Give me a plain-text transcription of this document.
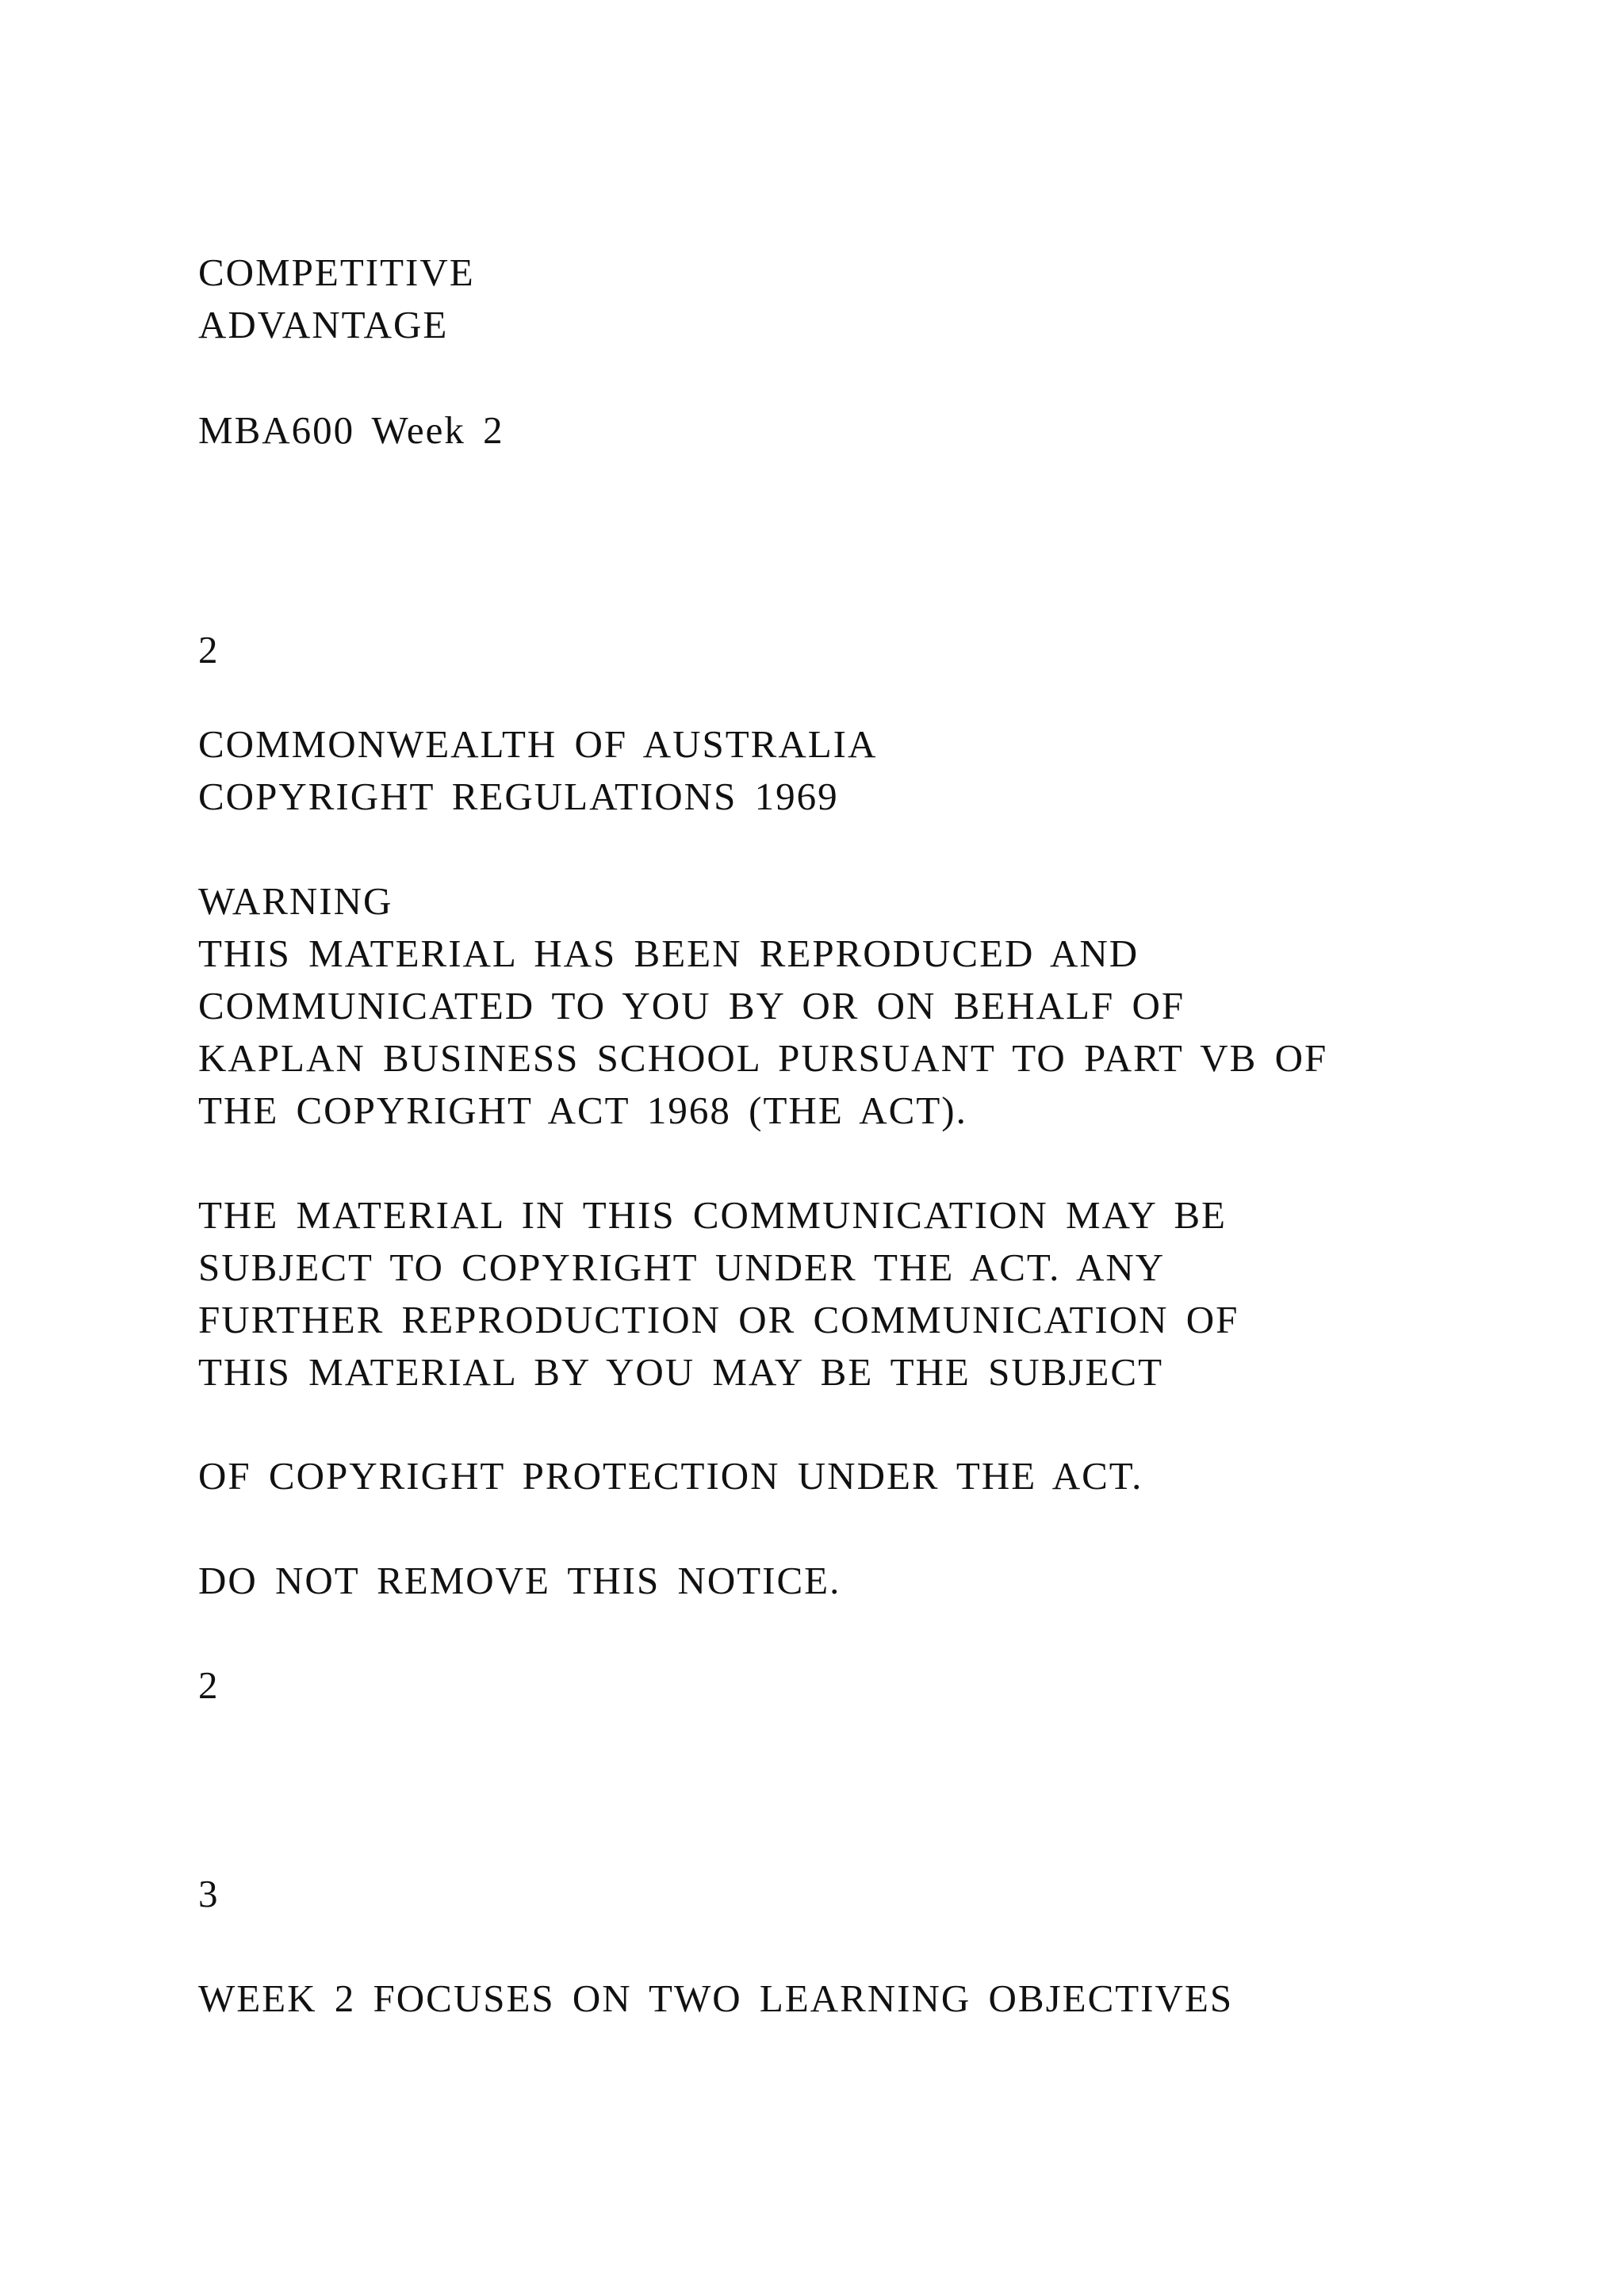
COMPETITIVE
ADVANTAGE

MBA600 Week 2

2

COMMONWEALTH OF AUSTRALIA
COPYRIGHT REGULATIONS 1969

WARNING

THIS MATERIAL HAS BEEN REPRODUCED AND
COMMUNICATED TO YOU BY OR ON BEHALF OF
KAPLAN BUSINESS SCHOOL PURSUANT TO PART VB OF
THE COPYRIGHT ACT 1968 (THE ACT).
THE MATERIAL IN THIS COMMUNICATION MAY BE
SUBJECT TO COPYRIGHT UNDER THE ACT. ANY
FURTHER REPRODUCTION OR COMMUNICATION OF
THIS MATERIAL BY YOU MAY BE THE SUBJECT

OF COPYRIGHT PROTECTION UNDER THE ACT.

DO NOT REMOVE THIS NOTICE.

2

3

WEEK 2 FOCUSES ON TWO LEARNING OBJECTIVES
